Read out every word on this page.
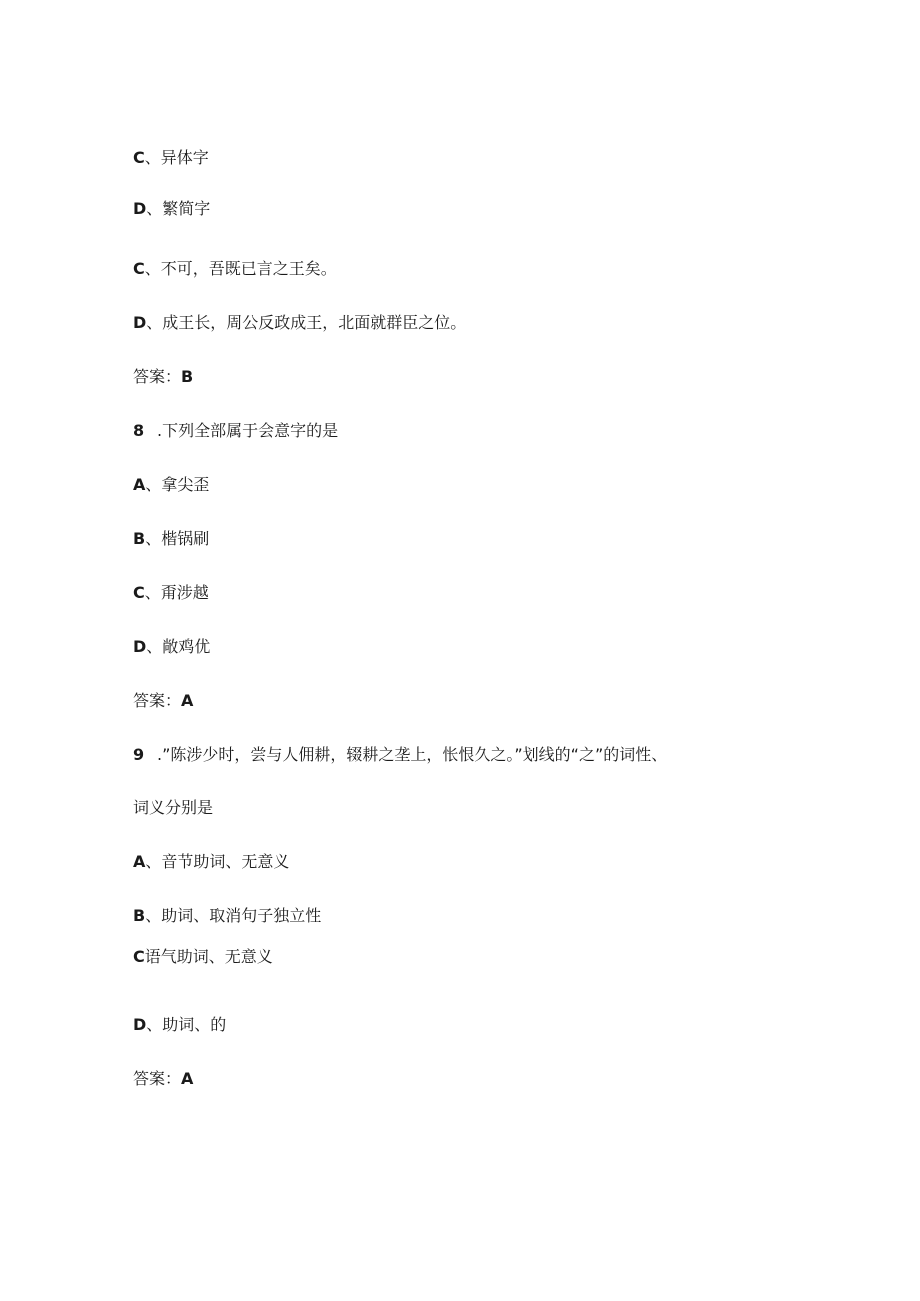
C、异体字
D、繁简字
C、不可，吾既已言之王矣。
D、成王长，周公反政成王，北面就群臣之位。
答案：B
8 .下列全部属于会意字的是
A、拿尖歪
B、楷锅刷
C、甭涉越
D、敞鸡优
答案：A
9 .”陈涉少时，尝与人佣耕，辍耕之垄上，怅恨久之。”划线的“之”的词性、
词义分别是
A、音节助词、无意义
B、助词、取消句子独立性
C语气助词、无意义
D、助词、的
答案：A
